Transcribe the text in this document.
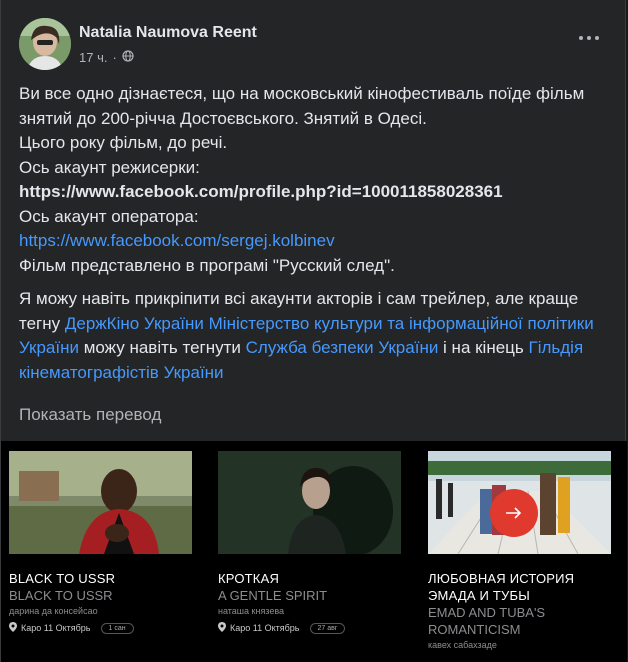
Natalia Naumova Reent
17 ч. ·

Ви все одно дізнаєтеся, що на московський кінофестиваль поїде фільм знятий до 200-річча Достоєвського. Знятий в Одесі.

Цього року фільм, до речі.

Ось акаунт режисерки:

https://www.facebook.com/profile.php?id=100011858028361

Ось акаунт оператора:

https://www.facebook.com/sergej.kolbinev

Фільм представлено в програмі "Русский след".

Я можу навіть прикріпити всі акаунти акторів і сам трейлер, але краще тегну ДержКіно України Міністерство культури та інформаційної політики України можу навіть тегнути Служба безпеки України і на кінець Гільдія кінематографістів України

Показать перевод
BLACK TO USSR
BLACK TO USSR
дарина да консейсао
Каро 11 Октябрь	1 сан
КРОТКАЯ
A GENTLE SPIRIT
наташа князева
Каро 11 Октябрь	27 авг
ЛЮБОВНАЯ ИСТОРИЯ ЭМАДА И ТУБЫ
EMAD AND TUBA'S ROMANTICISM
кавех сабахзаде
